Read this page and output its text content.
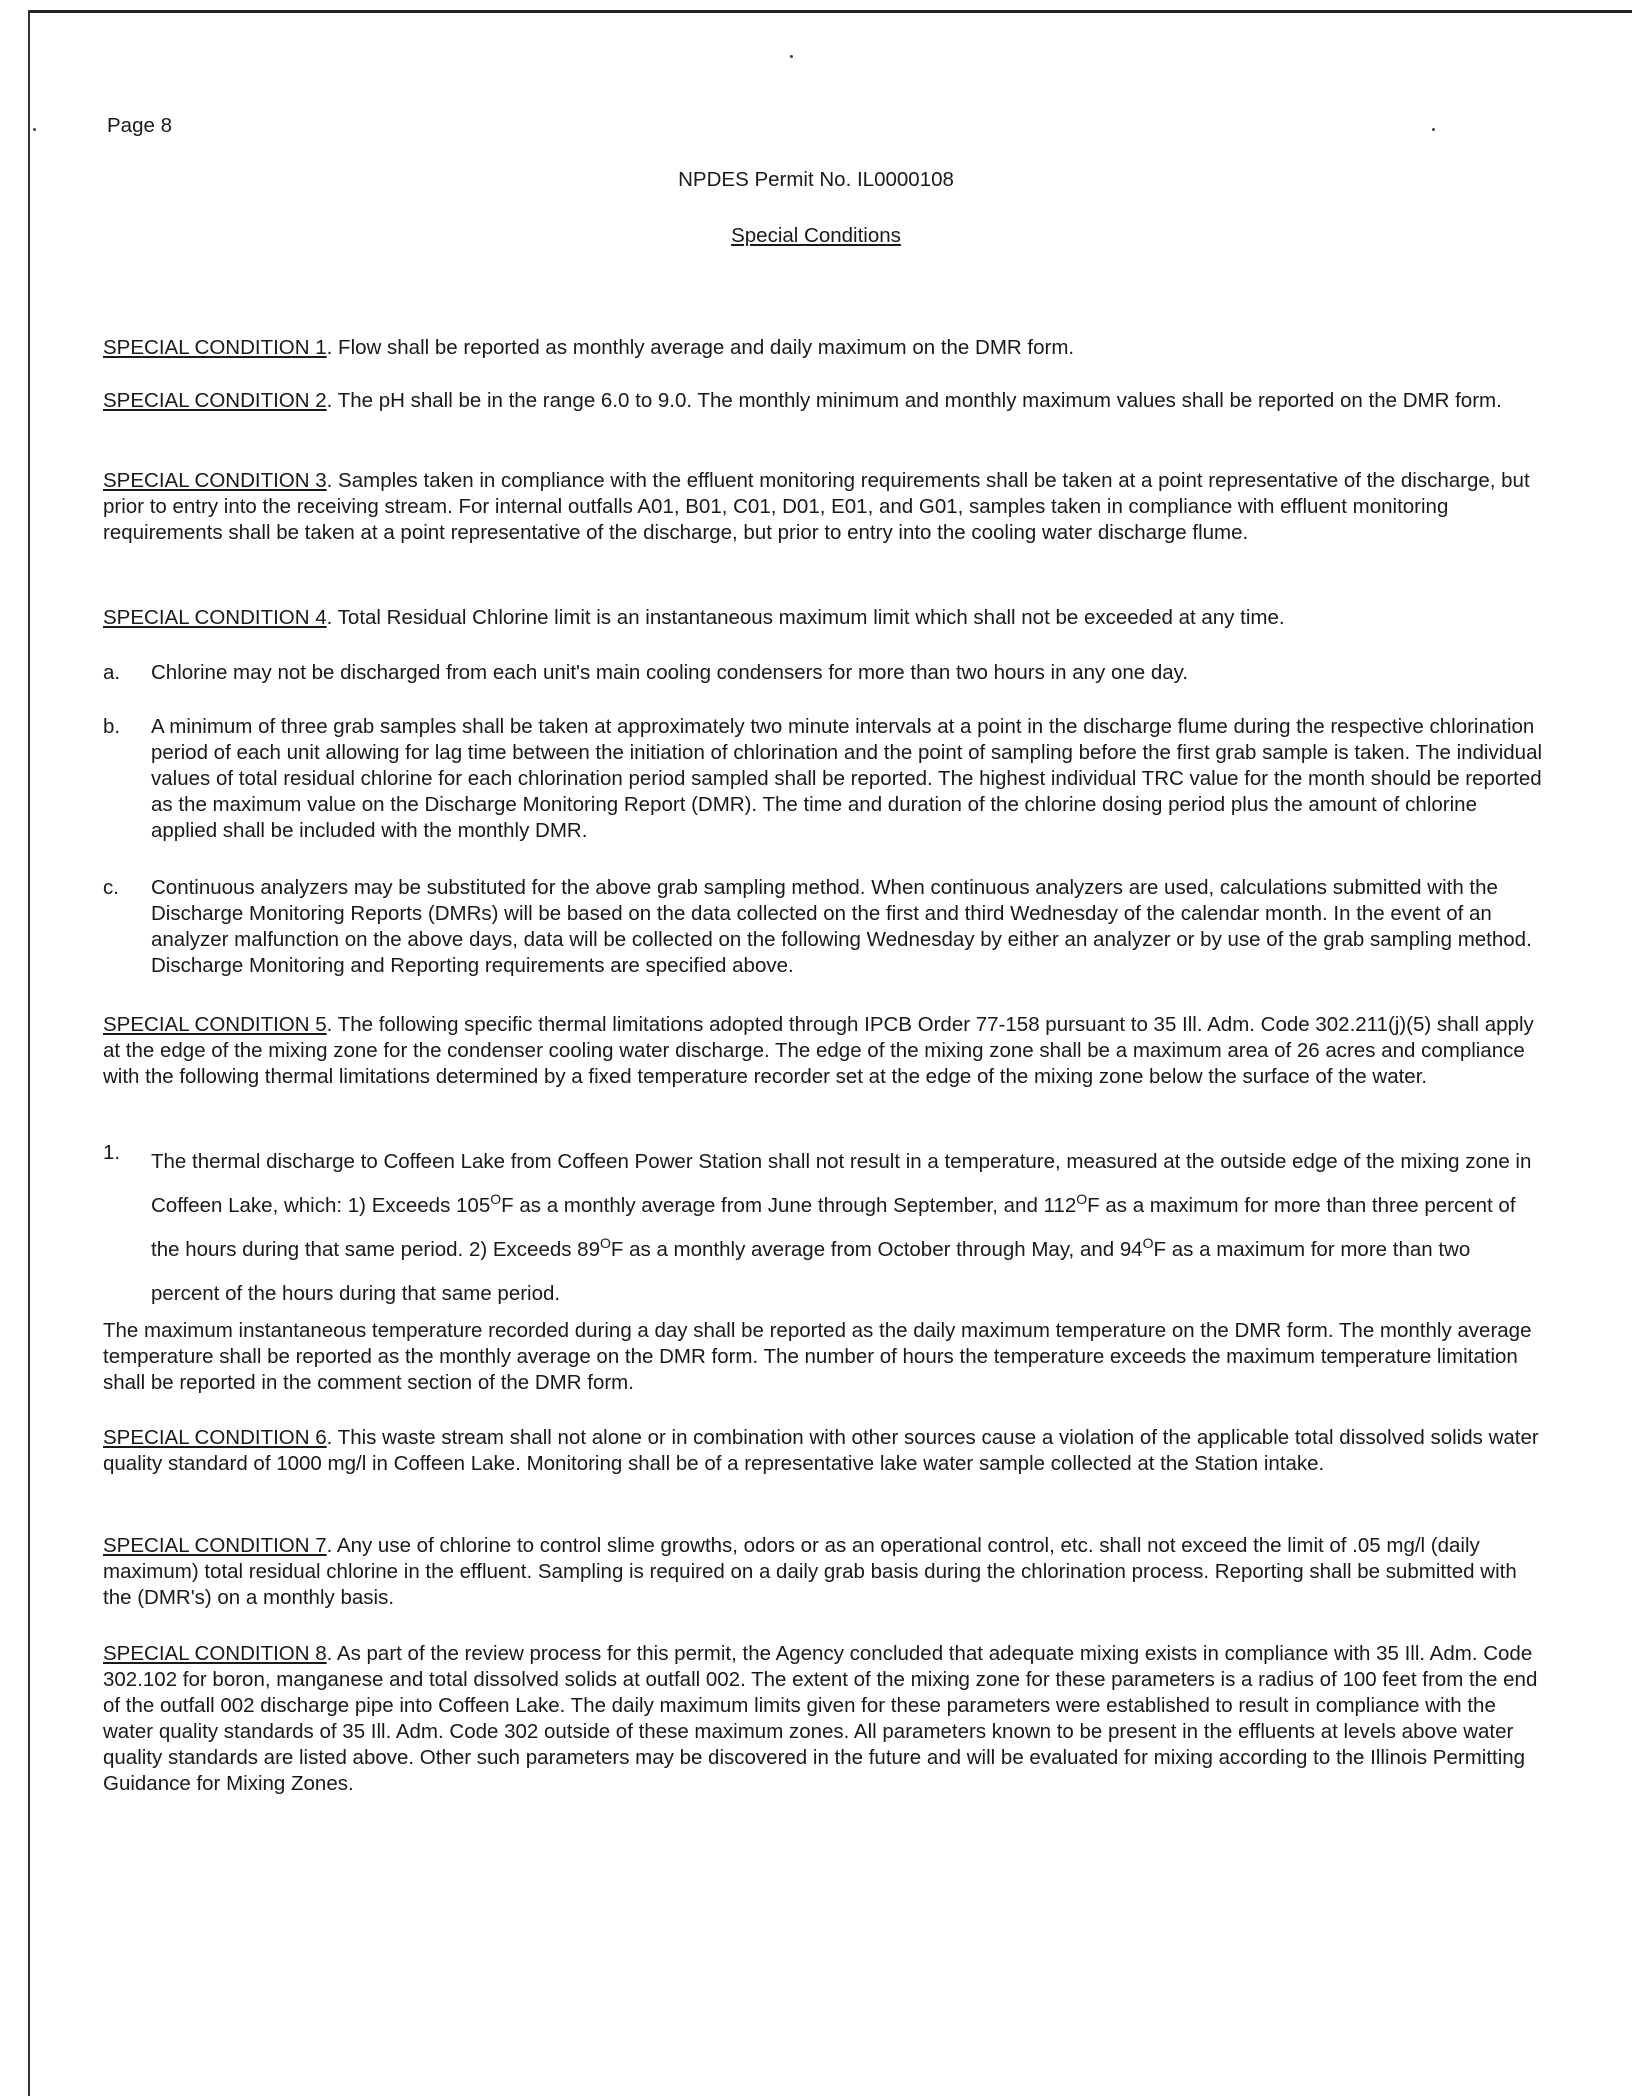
Page 8
NPDES Permit No. IL0000108
Special Conditions

SPECIAL CONDITION 1. Flow shall be reported as monthly average and daily maximum on the DMR form.

SPECIAL CONDITION 2. The pH shall be in the range 6.0 to 9.0. The monthly minimum and monthly maximum values shall be reported on the DMR form.

SPECIAL CONDITION 3. Samples taken in compliance with the effluent monitoring requirements shall be taken at a point representative of the discharge, but prior to entry into the receiving stream. For internal outfalls A01, B01, C01, D01, E01, and G01, samples taken in compliance with effluent monitoring requirements shall be taken at a point representative of the discharge, but prior to entry into the cooling water discharge flume.

SPECIAL CONDITION 4. Total Residual Chlorine limit is an instantaneous maximum limit which shall not be exceeded at any time.

a. Chlorine may not be discharged from each unit's main cooling condensers for more than two hours in any one day.
b. A minimum of three grab samples shall be taken at approximately two minute intervals at a point in the discharge flume during the respective chlorination period of each unit allowing for lag time between the initiation of chlorination and the point of sampling before the first grab sample is taken. The individual values of total residual chlorine for each chlorination period sampled shall be reported. The highest individual TRC value for the month should be reported as the maximum value on the Discharge Monitoring Report (DMR). The time and duration of the chlorine dosing period plus the amount of chlorine applied shall be included with the monthly DMR.
c. Continuous analyzers may be substituted for the above grab sampling method. When continuous analyzers are used, calculations submitted with the Discharge Monitoring Reports (DMRs) will be based on the data collected on the first and third Wednesday of the calendar month. In the event of an analyzer malfunction on the above days, data will be collected on the following Wednesday by either an analyzer or by use of the grab sampling method. Discharge Monitoring and Reporting requirements are specified above.

SPECIAL CONDITION 5. The following specific thermal limitations adopted through IPCB Order 77-158 pursuant to 35 Ill. Adm. Code 302.211(j)(5) shall apply at the edge of the mixing zone for the condenser cooling water discharge. The edge of the mixing zone shall be a maximum area of 26 acres and compliance with the following thermal limitations determined by a fixed temperature recorder set at the edge of the mixing zone below the surface of the water.

1. The thermal discharge to Coffeen Lake from Coffeen Power Station shall not result in a temperature, measured at the outside edge of the mixing zone in Coffeen Lake, which: 1) Exceeds $105^OF$ as a monthly average from June through September, and $112^OF$ as a maximum for more than three percent of the hours during that same period. 2) Exceeds $89^OF$ as a monthly average from October through May, and $94^OF$ as a maximum for more than two percent of the hours during that same period.

The maximum instantaneous temperature recorded during a day shall be reported as the daily maximum temperature on the DMR form. The monthly average temperature shall be reported as the monthly average on the DMR form. The number of hours the temperature exceeds the maximum temperature limitation shall be reported in the comment section of the DMR form.

SPECIAL CONDITION 6. This waste stream shall not alone or in combination with other sources cause a violation of the applicable total dissolved solids water quality standard of 1000 mg/l in Coffeen Lake. Monitoring shall be of a representative lake water sample collected at the Station intake.

SPECIAL CONDITION 7. Any use of chlorine to control slime growths, odors or as an operational control, etc. shall not exceed the limit of .05 mg/l (daily maximum) total residual chlorine in the effluent. Sampling is required on a daily grab basis during the chlorination process. Reporting shall be submitted with the (DMR's) on a monthly basis.

SPECIAL CONDITION 8. As part of the review process for this permit, the Agency concluded that adequate mixing exists in compliance with 35 Ill. Adm. Code 302.102 for boron, manganese and total dissolved solids at outfall 002. The extent of the mixing zone for these parameters is a radius of 100 feet from the end of the outfall 002 discharge pipe into Coffeen Lake. The daily maximum limits given for these parameters were established to result in compliance with the water quality standards of 35 Ill. Adm. Code 302 outside of these maximum zones. All parameters known to be present in the effluents at levels above water quality standards are listed above. Other such parameters may be discovered in the future and will be evaluated for mixing according to the Illinois Permitting Guidance for Mixing Zones.
